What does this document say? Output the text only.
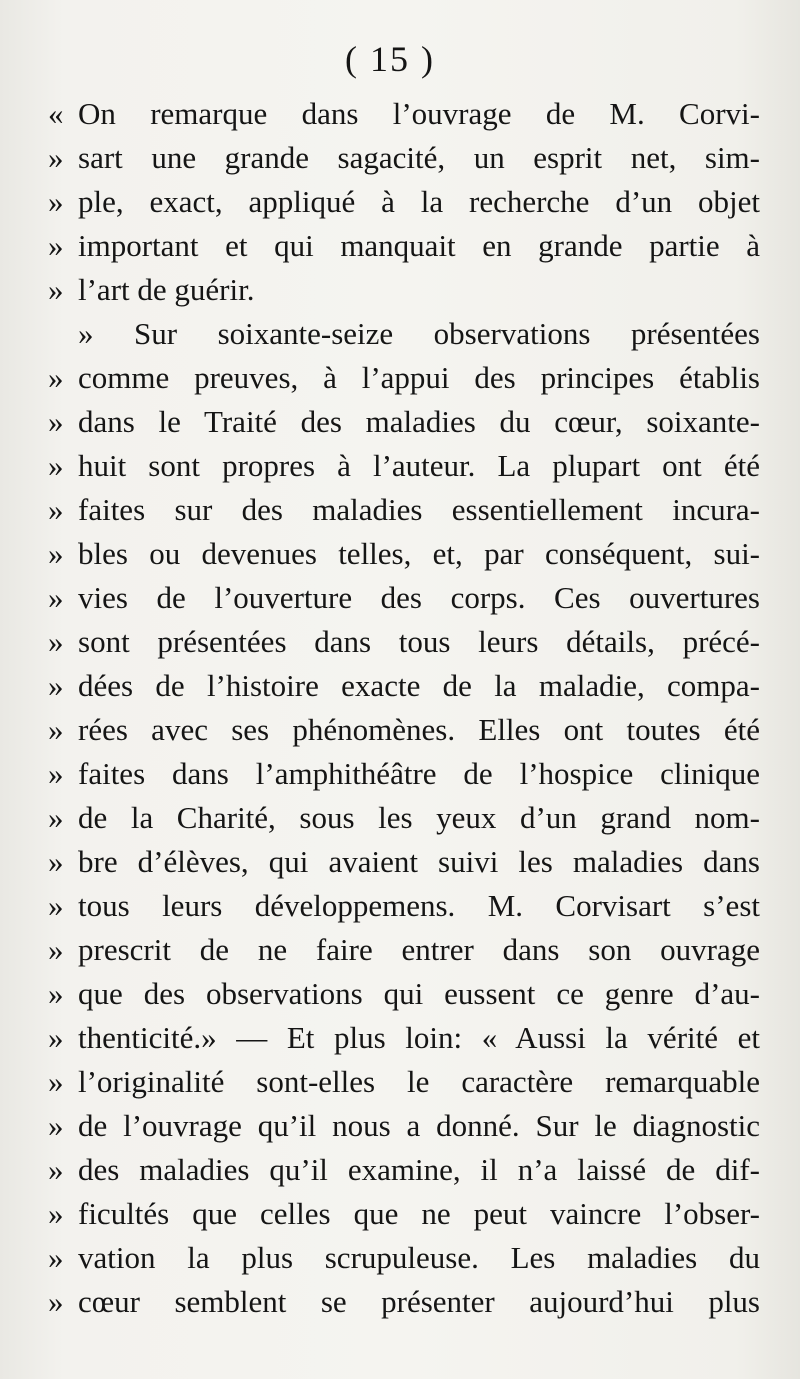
( 15 )
« On remarque dans l’ouvrage de M. Corvi-
» sart une grande sagacité, un esprit net, sim-
» ple, exact, appliqué à la recherche d’un objet
» important et qui manquait en grande partie à
» l’art de guérir.
» Sur soixante-seize observations présentées
» comme preuves, à l’appui des principes établis
» dans le Traité des maladies du cœur, soixante-
» huit sont propres à l’auteur. La plupart ont été
» faites sur des maladies essentiellement incura-
» bles ou devenues telles, et, par conséquent, sui-
» vies de l’ouverture des corps. Ces ouvertures
» sont présentées dans tous leurs détails, précé-
» dées de l’histoire exacte de la maladie, compa-
» rées avec ses phénomènes. Elles ont toutes été
» faites dans l’amphithéâtre de l’hospice clinique
» de la Charité, sous les yeux d’un grand nom-
» bre d’élèves, qui avaient suivi les maladies dans
» tous leurs développemens. M. Corvisart s’est
» prescrit de ne faire entrer dans son ouvrage
» que des observations qui eussent ce genre d’au-
» thenticité.» — Et plus loin: « Aussi la vérité et
» l’originalité sont-elles le caractère remarquable
» de l’ouvrage qu’il nous a donné. Sur le diagnostic
» des maladies qu’il examine, il n’a laissé de dif-
» ficultés que celles que ne peut vaincre l’obser-
» vation la plus scrupuleuse. Les maladies du
» cœur semblent se présenter aujourd’hui plus
